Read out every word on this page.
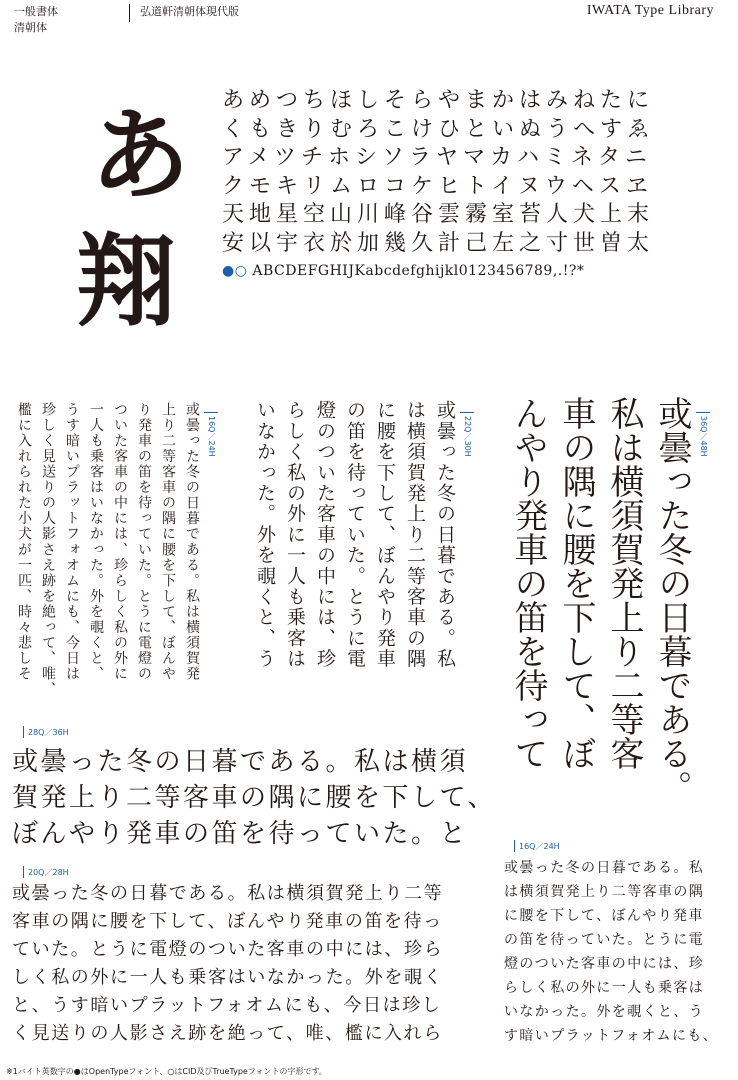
一般書体
清朝体
弘道軒清朝体現代版	IWATA Type Library
あ
翔
あめつちほしそらやまかはみねたに
くもきりむろこけひといぬうへすゑ
アメツチホシソラヤマカハミネタニ
クモキリムロコケヒトイヌウヘスヱ
天地星空山川峰谷雲霧室苔人犬上末
安以宇衣於加幾久計己左之寸世曽太
●○ ABCDEFGHIJKabcdefghijkl0123456789,.!?*
36Q／48H
或曇った冬の日暮である。
私は横須賀発上り二等客
車の隅に腰を下して、ぼ
んやり発車の笛を待って
22Q／30H
或曇った冬の日暮である。私
は横須賀発上り二等客車の隅
に腰を下して、ぼんやり発車
の笛を待っていた。とうに電
燈のついた客車の中には、珍
らしく私の外に一人も乗客は
いなかった。外を覗くと、う
16Q／24H
或曇った冬の日暮である。私は横須賀発
上り二等客車の隅に腰を下して、ぼんや
り発車の笛を待っていた。とうに電燈の
ついた客車の中には、珍らしく私の外に
一人も乗客はいなかった。外を覗くと、
うす暗いプラットフォオムにも、今日は
珍しく見送りの人影さえ跡を絶って、唯、
檻に入れられた小犬が一匹、時々悲しそ
28Q／36H
或曇った冬の日暮である。私は横須
賀発上り二等客車の隅に腰を下して、
ぼんやり発車の笛を待っていた。と
20Q／28H
或曇った冬の日暮である。私は横須賀発上り二等
客車の隅に腰を下して、ぼんやり発車の笛を待っ
ていた。とうに電燈のついた客車の中には、珍ら
しく私の外に一人も乗客はいなかった。外を覗く
と、うす暗いプラットフォオムにも、今日は珍し
く見送りの人影さえ跡を絶って、唯、檻に入れら
16Q／24H
或曇った冬の日暮である。私
は横須賀発上り二等客車の隅
に腰を下して、ぼんやり発車
の笛を待っていた。とうに電
燈のついた客車の中には、珍
らしく私の外に一人も乗客は
いなかった。外を覗くと、う
す暗いプラットフォオムにも、
※1バイト英数字の●はOpenTypeフォント、○はCID及びTrueTypeフォントの字形です。
